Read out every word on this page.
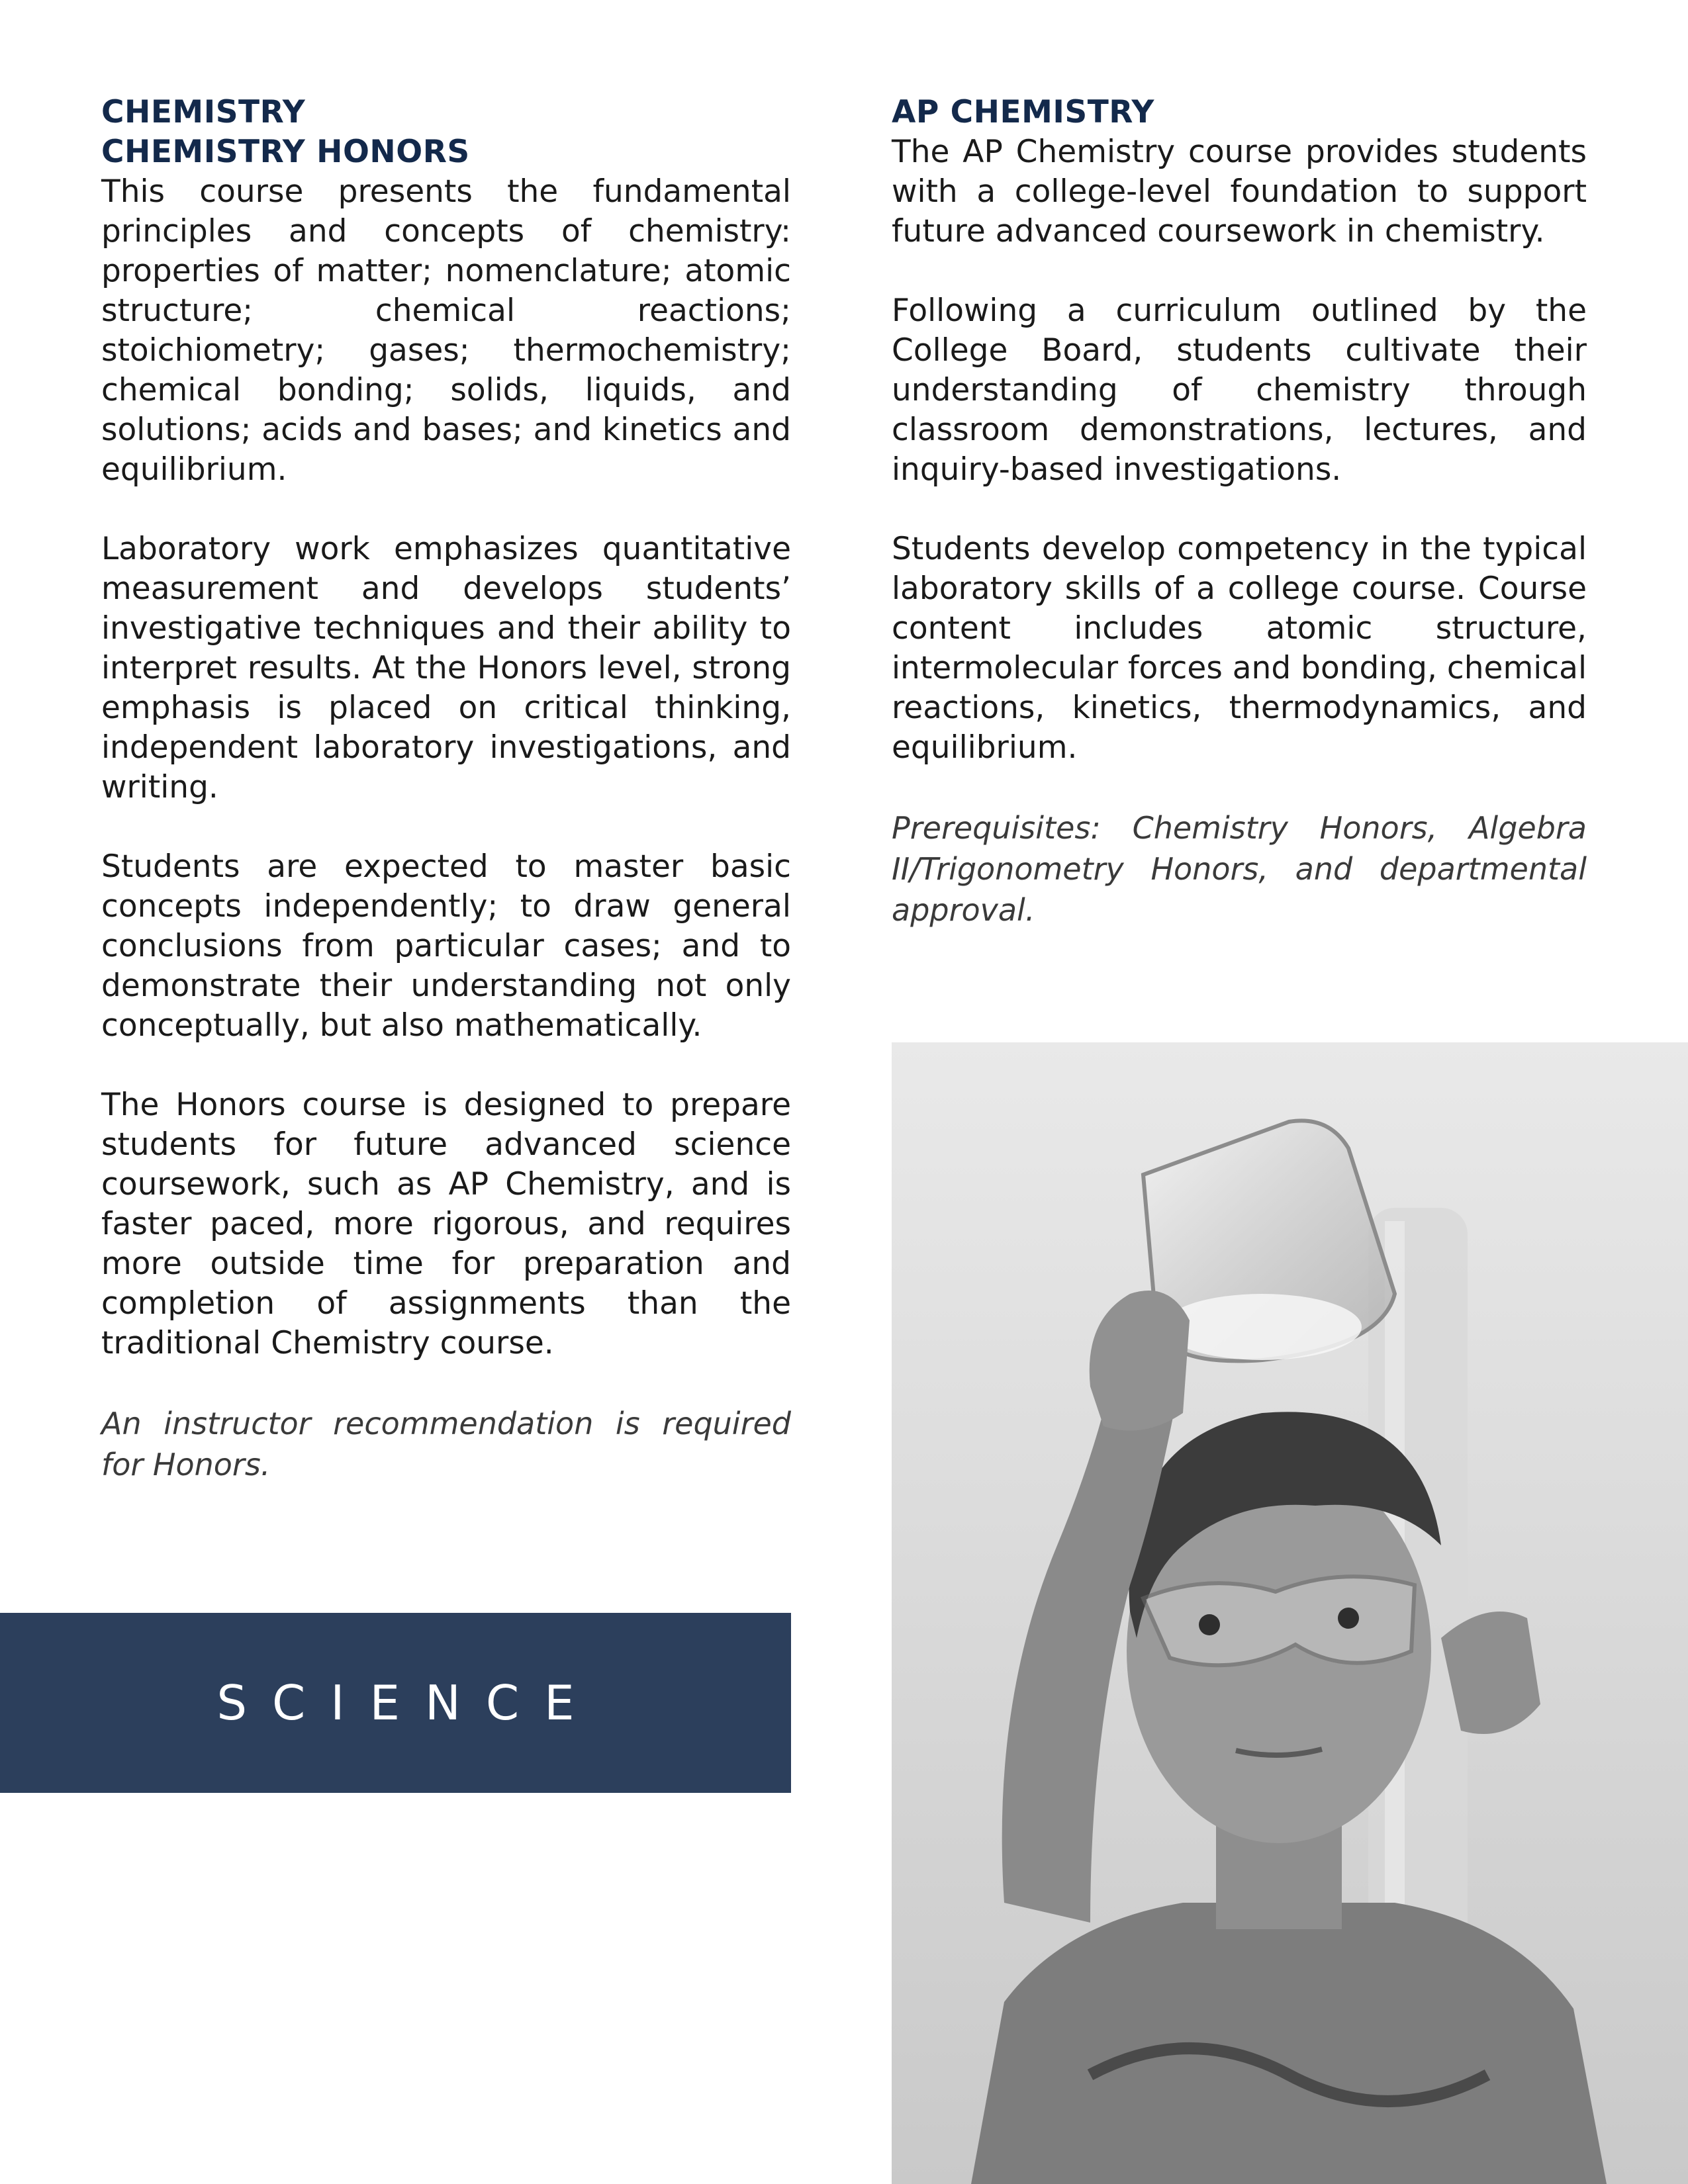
CHEMISTRY
CHEMISTRY HONORS

This course presents the fundamental principles and concepts of chemistry: properties of matter; nomenclature; atomic structure; chemical reactions; stoichiometry; gases; thermochemistry; chemical bonding; solids, liquids, and solutions; acids and bases; and kinetics and equilibrium.

Laboratory work emphasizes quantitative measurement and develops students’ investigative techniques and their ability to interpret results. At the Honors level, strong emphasis is placed on critical thinking, independent laboratory investigations, and writing.

Students are expected to master basic concepts independently; to draw general conclusions from particular cases; and to demonstrate their understanding not only conceptually, but also mathematically.

The Honors course is designed to prepare students for future advanced science coursework, such as AP Chemistry, and is faster paced, more rigorous, and requires more outside time for preparation and completion of assignments than the traditional Chemistry course.

An instructor recommendation is required for Honors.

AP CHEMISTRY

The AP Chemistry course provides students with a college-level foundation to support future advanced coursework in chemistry.

Following a curriculum outlined by the College Board, students cultivate their understanding of chemistry through classroom demonstrations, lectures, and inquiry-based investigations.

Students develop competency in the typical laboratory skills of a college course. Course content includes atomic structure, intermolecular forces and bonding, chemical reactions, kinetics, thermodynamics, and equilibrium.

Prerequisites: Chemistry Honors, Algebra II/Trigonometry Honors, and departmental approval.

SCIENCE
